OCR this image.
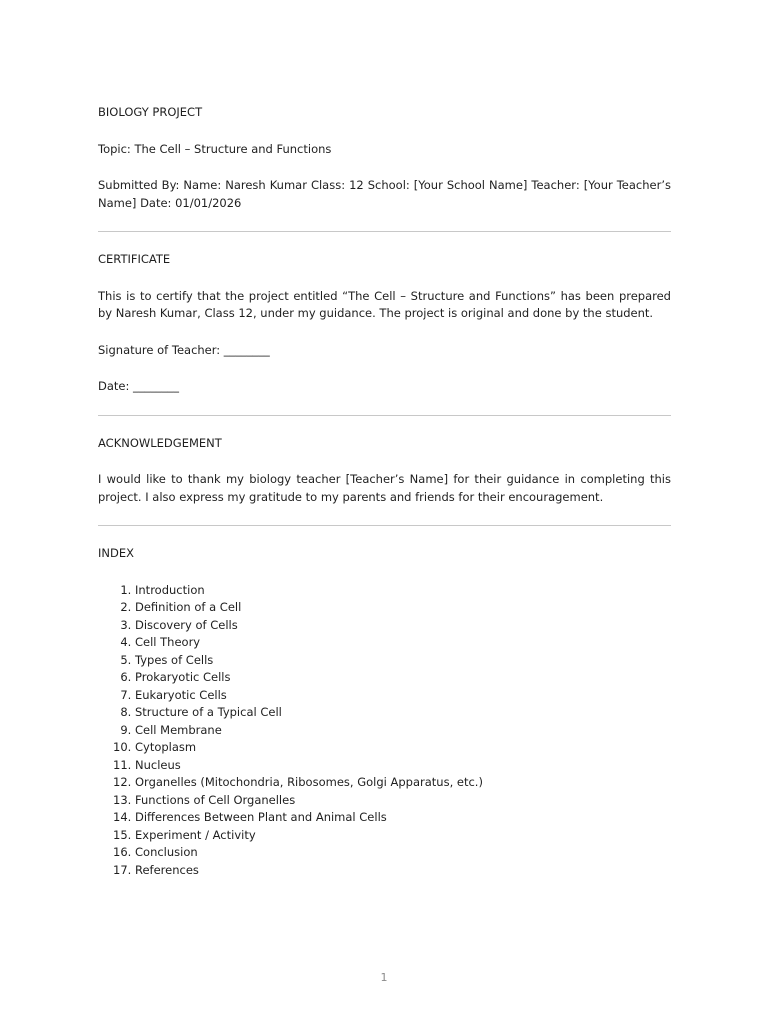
BIOLOGY PROJECT

Topic: The Cell – Structure and Functions

Submitted By: Name: Naresh Kumar Class: 12 School: [Your School Name] Teacher: [Your Teacher’s Name] Date: 01/01/2026

CERTIFICATE

This is to certify that the project entitled “The Cell – Structure and Functions” has been prepared by Naresh Kumar, Class 12, under my guidance. The project is original and done by the student.

Signature of Teacher: ________

Date: ________

ACKNOWLEDGEMENT

I would like to thank my biology teacher [Teacher’s Name] for their guidance in completing this project. I also express my gratitude to my parents and friends for their encouragement.

INDEX

1. Introduction
2. Definition of a Cell
3. Discovery of Cells
4. Cell Theory
5. Types of Cells
6. Prokaryotic Cells
7. Eukaryotic Cells
8. Structure of a Typical Cell
9. Cell Membrane
10. Cytoplasm
11. Nucleus
12. Organelles (Mitochondria, Ribosomes, Golgi Apparatus, etc.)
13. Functions of Cell Organelles
14. Differences Between Plant and Animal Cells
15. Experiment / Activity
16. Conclusion
17. References
1
